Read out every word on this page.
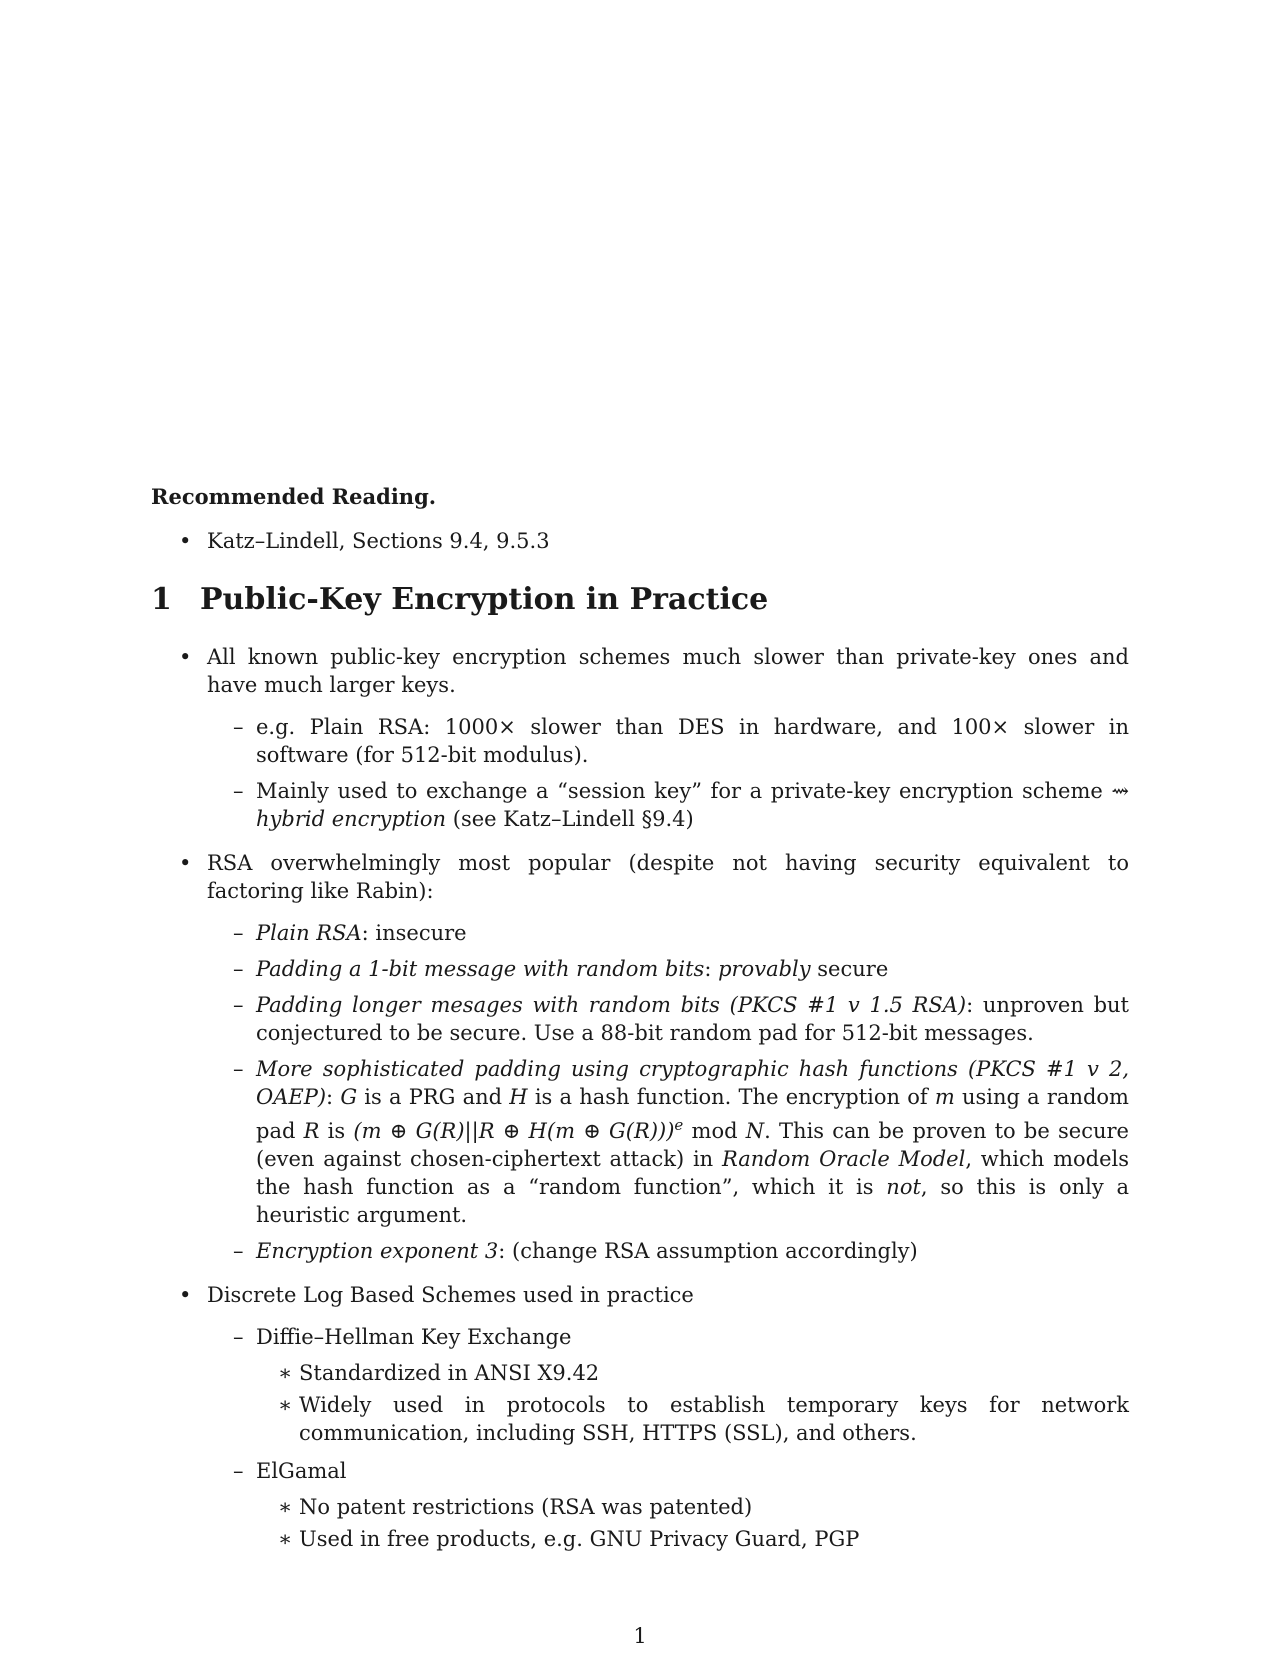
Recommended Reading.
• Katz–Lindell, Sections 9.4, 9.5.3
1 Public-Key Encryption in Practice
• All known public-key encryption schemes much slower than private-key ones and have much larger keys.
– e.g. Plain RSA: 1000× slower than DES in hardware, and 100× slower in software (for 512-bit modulus).
– Mainly used to exchange a “session key” for a private-key encryption scheme ⇝ hybrid encryption (see Katz–Lindell §9.4)
• RSA overwhelmingly most popular (despite not having security equivalent to factoring like Rabin):
– Plain RSA: insecure
– Padding a 1-bit message with random bits: provably secure
– Padding longer mesages with random bits (PKCS #1 v 1.5 RSA): unproven but conjectured to be secure. Use a 88-bit random pad for 512-bit messages.
– More sophisticated padding using cryptographic hash functions (PKCS #1 v 2, OAEP): G is a PRG and H is a hash function. The encryption of m using a random pad R is (m ⊕ G(R)||R ⊕ H(m ⊕ G(R)))$^e$ mod N. This can be proven to be secure (even against chosen-ciphertext attack) in Random Oracle Model, which models the hash function as a “random function”, which it is not, so this is only a heuristic argument.
– Encryption exponent 3: (change RSA assumption accordingly)
• Discrete Log Based Schemes used in practice
– Diffie–Hellman Key Exchange
∗ Standardized in ANSI X9.42
∗ Widely used in protocols to establish temporary keys for network communication, including SSH, HTTPS (SSL), and others.
– ElGamal
∗ No patent restrictions (RSA was patented)
∗ Used in free products, e.g. GNU Privacy Guard, PGP
1
